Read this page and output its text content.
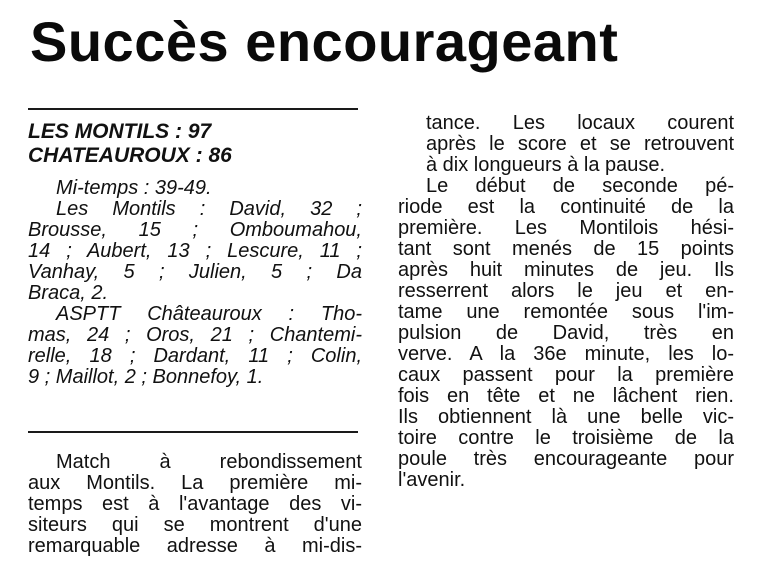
Succès encourageant
LES MONTILS : 97
CHATEAUROUX : 86

Mi-temps : 39-49.

Les Montils : David, 32 ;
Brousse, 15 ; Omboumahou,
14 ; Aubert, 13 ; Lescure, 11 ;
Vanhay, 5 ; Julien, 5 ; Da
Braca, 2.

ASPTT Châteauroux : Tho-
mas, 24 ; Oros, 21 ; Chantemi-
relle, 18 ; Dardant, 11 ; Colin,
9 ; Maillot, 2 ; Bonnefoy, 1.

Match à rebondissement
aux Montils. La première mi-
temps est à l'avantage des vi-
siteurs qui se montrent d'une
remarquable adresse à mi-dis-

tance. Les locaux courent
après le score et se retrouvent
à dix longueurs à la pause.

Le début de seconde pé-
riode est la continuité de la
première. Les Montilois hési-
tant sont menés de 15 points
après huit minutes de jeu. Ils
resserrent alors le jeu et en-
tame une remontée sous l'im-
pulsion de David, très en
verve. A la 36e minute, les lo-
caux passent pour la première
fois en tête et ne lâchent rien.
Ils obtiennent là une belle vic-
toire contre le troisième de la
poule très encourageante pour
l'avenir.
